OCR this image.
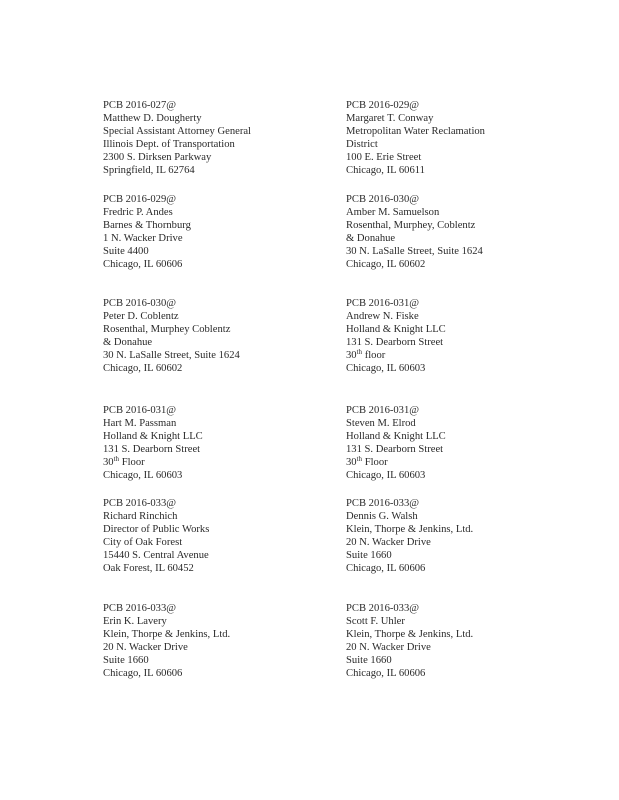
PCB 2016-027@
Matthew D. Dougherty
Special Assistant Attorney General
Illinois Dept. of Transportation
2300 S. Dirksen Parkway
Springfield, IL 62764
PCB 2016-029@
Margaret T. Conway
Metropolitan Water Reclamation
District
100 E. Erie Street
Chicago, IL 60611
PCB 2016-029@
Fredric P. Andes
Barnes & Thornburg
1 N. Wacker Drive
Suite 4400
Chicago, IL 60606
PCB 2016-030@
Amber M. Samuelson
Rosenthal, Murphey, Coblentz
& Donahue
30 N. LaSalle Street, Suite 1624
Chicago, IL 60602
PCB 2016-030@
Peter D. Coblentz
Rosenthal, Murphey Coblentz
& Donahue
30 N. LaSalle Street, Suite 1624
Chicago, IL 60602
PCB 2016-031@
Andrew N. Fiske
Holland & Knight LLC
131 S. Dearborn Street
30th floor
Chicago, IL 60603
PCB 2016-031@
Hart M. Passman
Holland & Knight LLC
131 S. Dearborn Street
30th Floor
Chicago, IL 60603
PCB 2016-031@
Steven M. Elrod
Holland & Knight LLC
131 S. Dearborn Street
30th Floor
Chicago, IL 60603
PCB 2016-033@
Richard Rinchich
Director of Public Works
City of Oak Forest
15440 S. Central Avenue
Oak Forest, IL 60452
PCB 2016-033@
Dennis G. Walsh
Klein, Thorpe & Jenkins, Ltd.
20 N. Wacker Drive
Suite 1660
Chicago, IL 60606
PCB 2016-033@
Erin K. Lavery
Klein, Thorpe & Jenkins, Ltd.
20 N. Wacker Drive
Suite 1660
Chicago, IL 60606
PCB 2016-033@
Scott F. Uhler
Klein, Thorpe & Jenkins, Ltd.
20 N. Wacker Drive
Suite 1660
Chicago, IL 60606
